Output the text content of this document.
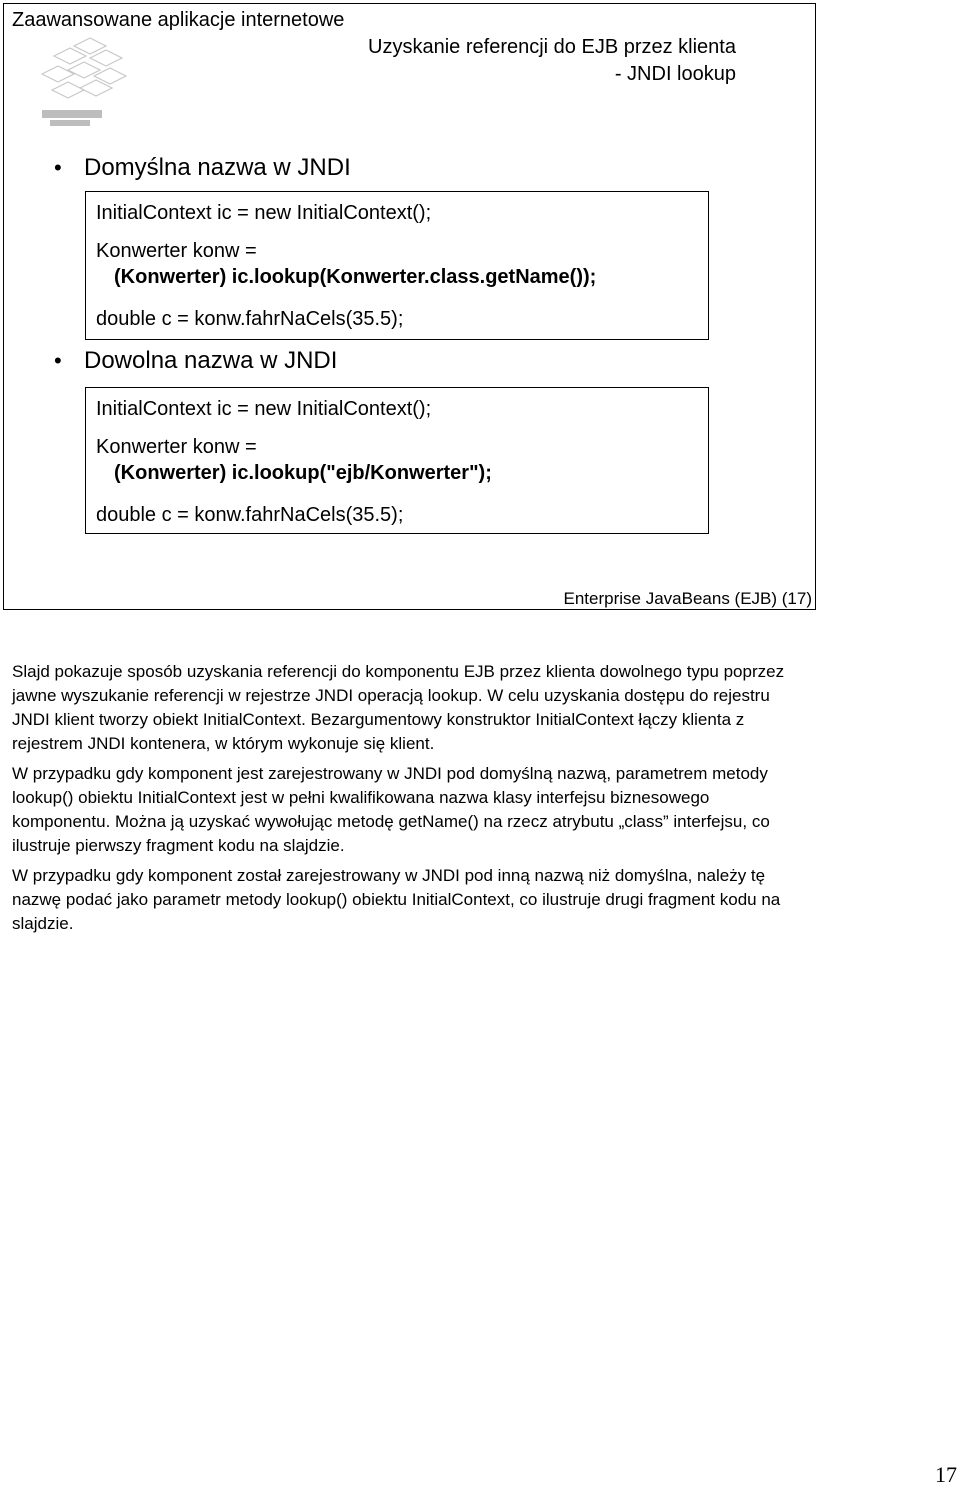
Zaawansowane aplikacje internetowe
Uzyskanie referencji do EJB przez klienta
- JNDI lookup
• Domyślna nazwa w JNDI
InitialContext ic = new InitialContext();
Konwerter konw =
(Konwerter) ic.lookup(Konwerter.class.getName());
double c = konw.fahrNaCels(35.5);
• Dowolna nazwa w JNDI
InitialContext ic = new InitialContext();
Konwerter konw =
(Konwerter) ic.lookup("ejb/Konwerter");
double c = konw.fahrNaCels(35.5);
Enterprise JavaBeans (EJB) (17)

Slajd pokazuje sposób uzyskania referencji do komponentu EJB przez klienta dowolnego typu poprzez jawne wyszukanie referencji w rejestrze JNDI operacją lookup. W celu uzyskania dostępu do rejestru JNDI klient tworzy obiekt InitialContext. Bezargumentowy konstruktor InitialContext łączy klienta z rejestrem JNDI kontenera, w którym wykonuje się klient.

W przypadku gdy komponent jest zarejestrowany w JNDI pod domyślną nazwą, parametrem metody lookup() obiektu InitialContext jest w pełni kwalifikowana nazwa klasy interfejsu biznesowego komponentu. Można ją uzyskać wywołując metodę getName() na rzecz atrybutu „class” interfejsu, co ilustruje pierwszy fragment kodu na slajdzie.

W przypadku gdy komponent został zarejestrowany w JNDI pod inną nazwą niż domyślna, należy tę nazwę podać jako parametr metody lookup() obiektu InitialContext, co ilustruje drugi fragment kodu na slajdzie.

17
